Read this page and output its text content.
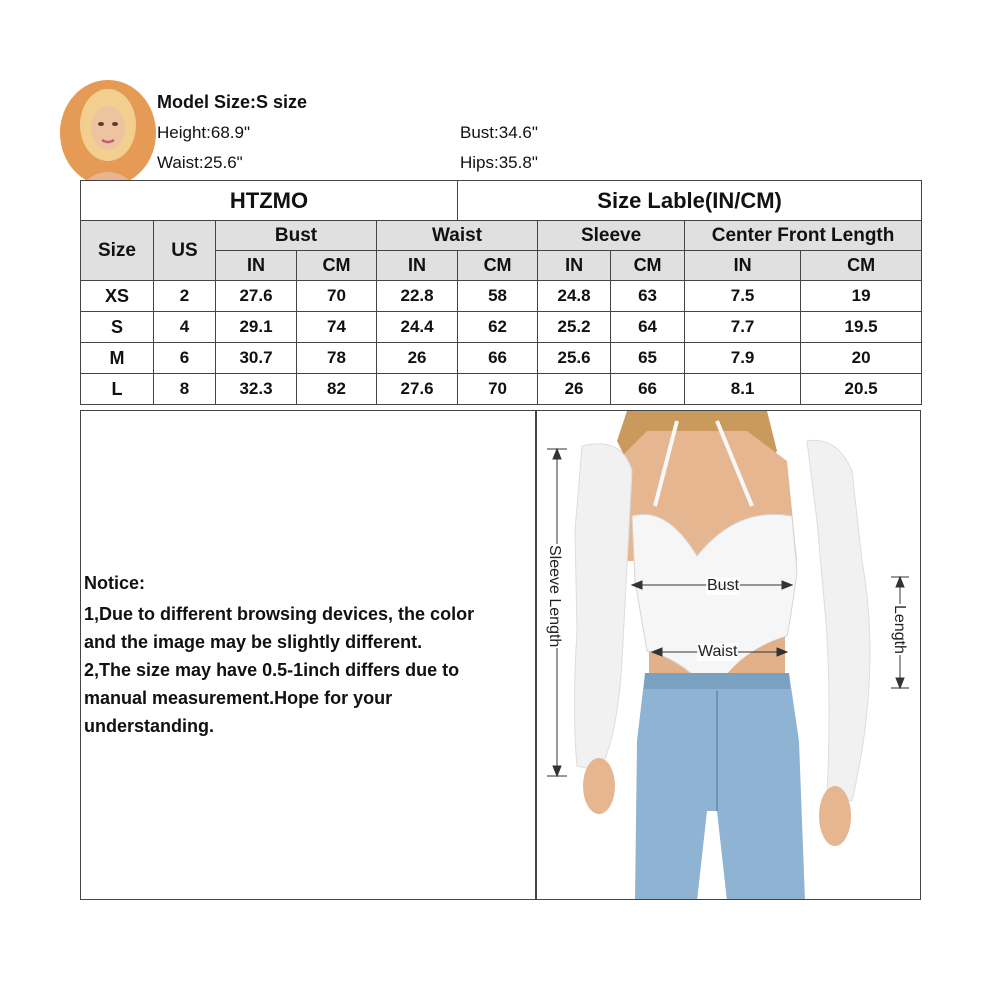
Model Size:S size
Height:68.9"	Bust:34.6"
Waist:25.6"	Hips:35.8"
HTZMO					Size Lable(IN/CM)				
Size	US	Bust		Waist		Sleeve		Center Front Length	
		IN	CM	IN	CM	IN	CM	IN	CM
XS	2	27.6	70	22.8	58	24.8	63	7.5	19
S	4	29.1	74	24.4	62	25.2	64	7.7	19.5
M	6	30.7	78	26	66	25.6	65	7.9	20
L	8	32.3	82	27.6	70	26	66	8.1	20.5
Notice:
1,Due to different browsing devices, the color
and the image may be slightly different.
2,The size may have 0.5-1inch differs due to
manual measurement.Hope for your
understanding.
Bust
Waist
Sleeve Length	Length
